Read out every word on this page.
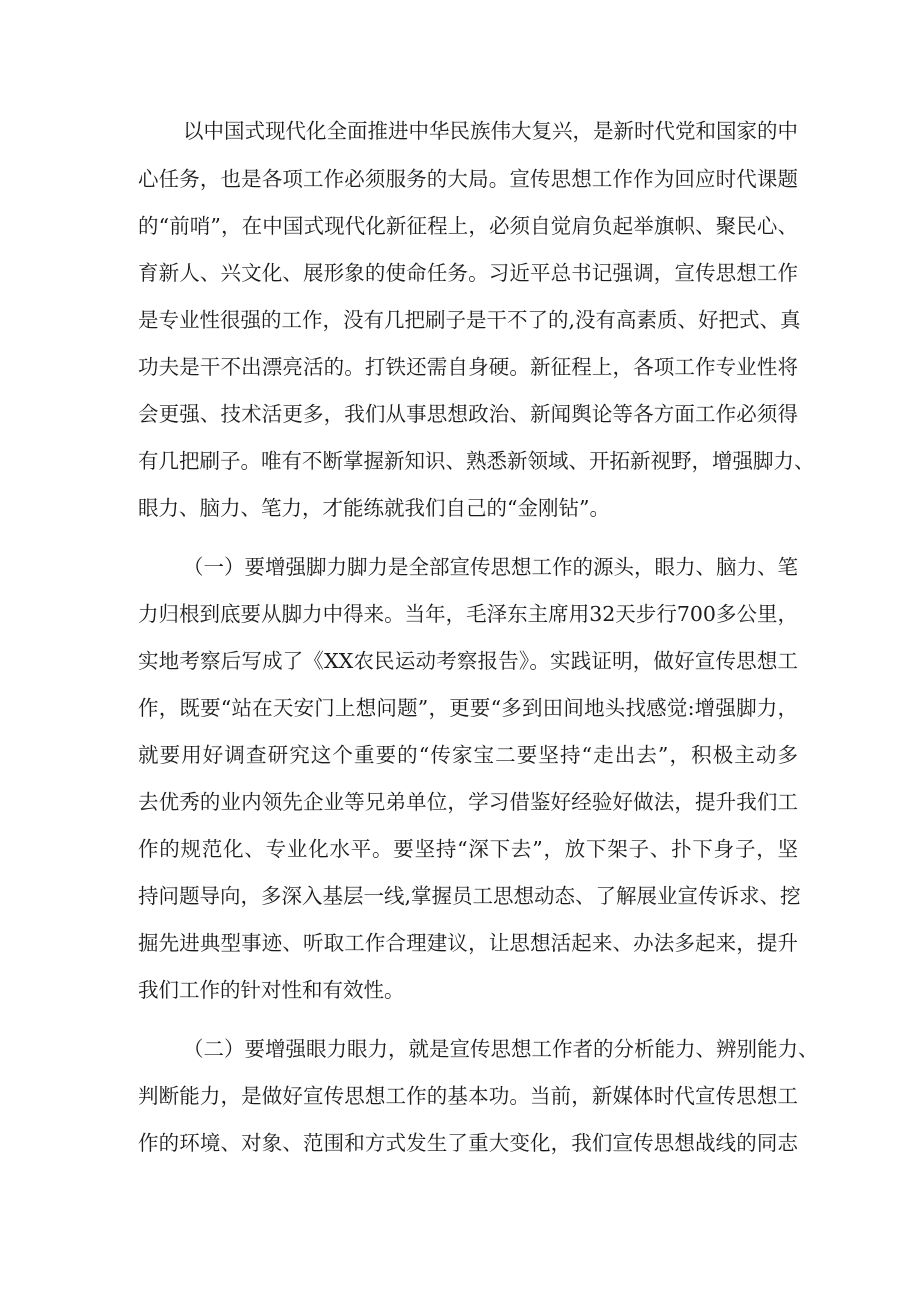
以中国式现代化全面推进中华民族伟大复兴，是新时代党和国家的中
心任务，也是各项工作必须服务的大局。宣传思想工作作为回应时代课题
的“前哨”，在中国式现代化新征程上，必须自觉肩负起举旗帜、聚民心、
育新人、兴文化、展形象的使命任务。习近平总书记强调，宣传思想工作
是专业性很强的工作，没有几把刷子是干不了的,没有高素质、好把式、真
功夫是干不出漂亮活的。打铁还需自身硬。新征程上，各项工作专业性将
会更强、技术活更多，我们从事思想政治、新闻舆论等各方面工作必须得
有几把刷子。唯有不断掌握新知识、熟悉新领域、开拓新视野，增强脚力、
眼力、脑力、笔力，才能练就我们自己的“金刚钻”。
（一）要增强脚力脚力是全部宣传思想工作的源头，眼力、脑力、笔
力归根到底要从脚力中得来。当年，毛泽东主席用32天步行700多公里，
实地考察后写成了《XX农民运动考察报告》。实践证明，做好宣传思想工
作，既要“站在天安门上想问题”，更要“多到田间地头找感觉:增强脚力，
就要用好调查研究这个重要的“传家宝二要坚持“走出去”，积极主动多
去优秀的业内领先企业等兄弟单位，学习借鉴好经验好做法，提升我们工
作的规范化、专业化水平。要坚持“深下去”，放下架子、扑下身子，坚
持问题导向，多深入基层一线,掌握员工思想动态、了解展业宣传诉求、挖
掘先进典型事迹、听取工作合理建议，让思想活起来、办法多起来，提升
我们工作的针对性和有效性。
（二）要增强眼力眼力，就是宣传思想工作者的分析能力、辨别能力、
判断能力，是做好宣传思想工作的基本功。当前，新媒体时代宣传思想工
作的环境、对象、范围和方式发生了重大变化，我们宣传思想战线的同志
